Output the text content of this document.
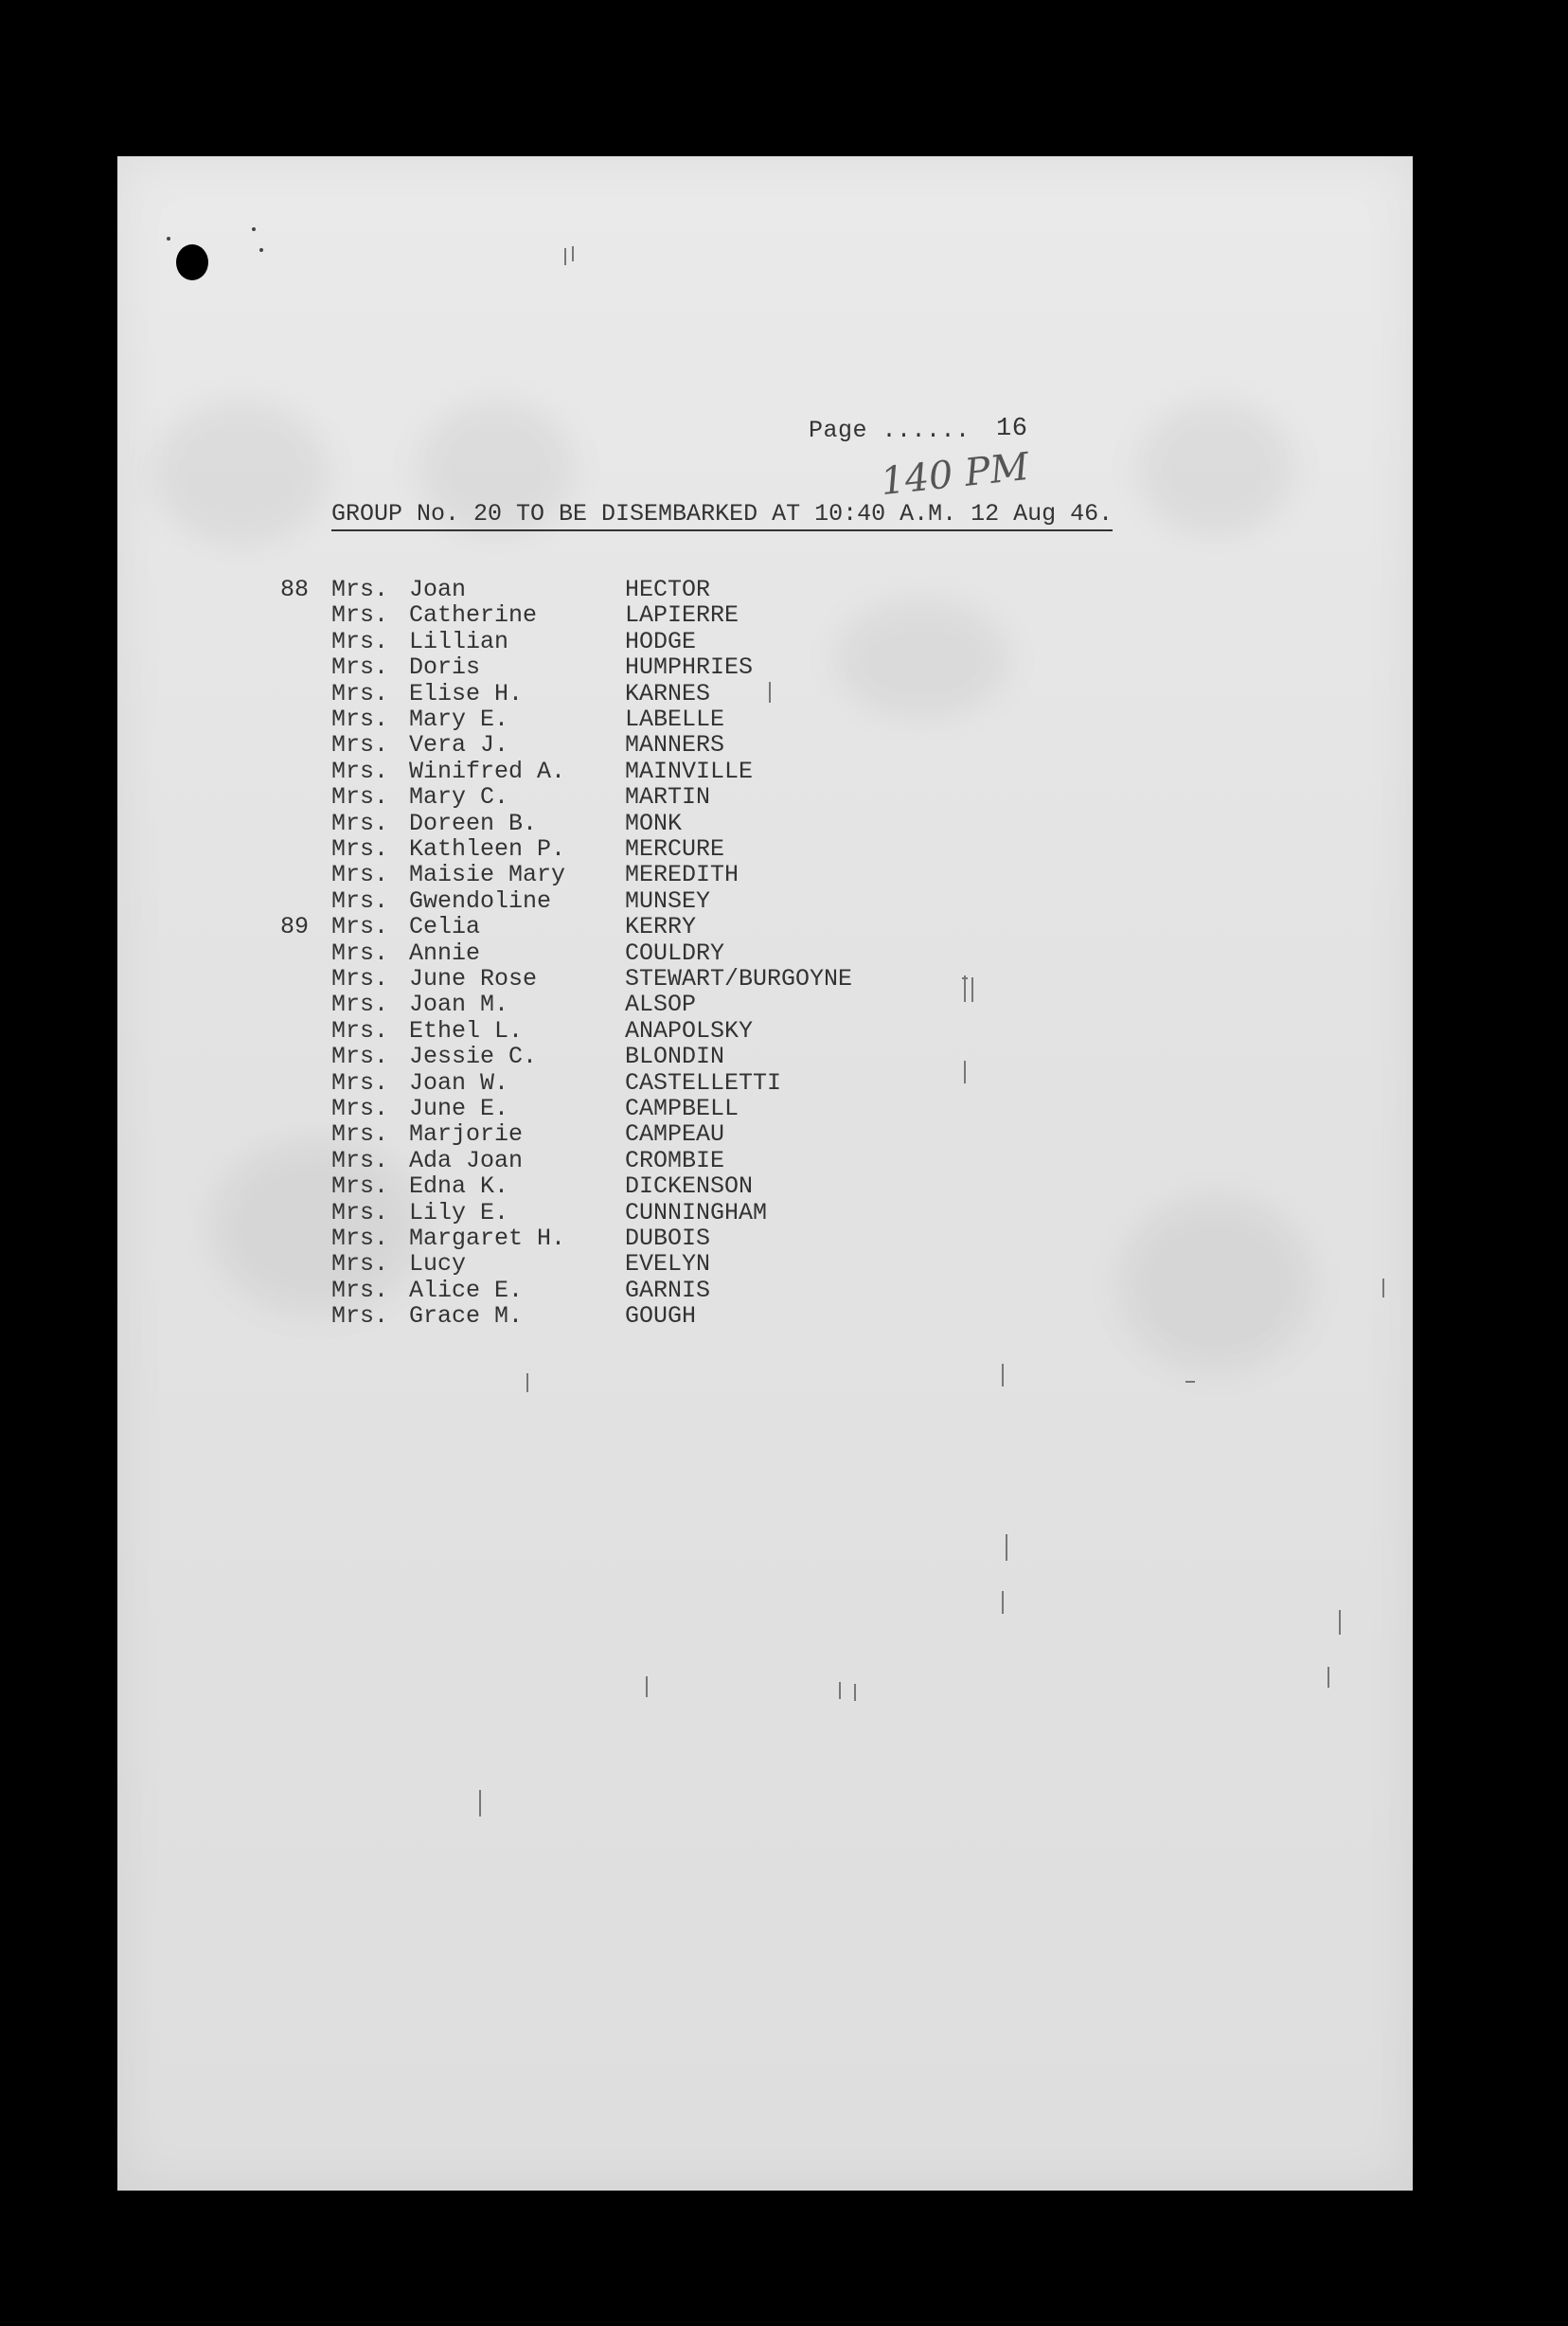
Page ...... 16
140 PM
GROUP No. 20 TO BE DISEMBARKED AT 10:40 A.M. 12 Aug 46.
88 Mrs. Joan	HECTOR
Mrs. Catherine	LAPIERRE
Mrs. Lillian	HODGE
Mrs. Doris	HUMPHRIES
Mrs. Elise H.	KARNES
Mrs. Mary E.	LABELLE
Mrs. Vera J.	MANNERS
Mrs. Winifred A.	MAINVILLE
Mrs. Mary C.	MARTIN
Mrs. Doreen B.	MONK
Mrs. Kathleen P.	MERCURE
Mrs. Maisie Mary	MEREDITH
Mrs. Gwendoline	MUNSEY
89 Mrs. Celia	KERRY
Mrs. Annie	COULDRY
Mrs. June Rose	STEWART/BURGOYNE
Mrs. Joan M.	ALSOP
Mrs. Ethel L.	ANAPOLSKY
Mrs. Jessie C.	BLONDIN
Mrs. Joan W.	CASTELLETTI
Mrs. June E.	CAMPBELL
Mrs. Marjorie	CAMPEAU
Mrs. Ada Joan	CROMBIE
Mrs. Edna K.	DICKENSON
Mrs. Lily E.	CUNNINGHAM
Mrs. Margaret H.	DUBOIS
Mrs. Lucy	EVELYN
Mrs. Alice E.	GARNIS
Mrs. Grace M.	GOUGH
